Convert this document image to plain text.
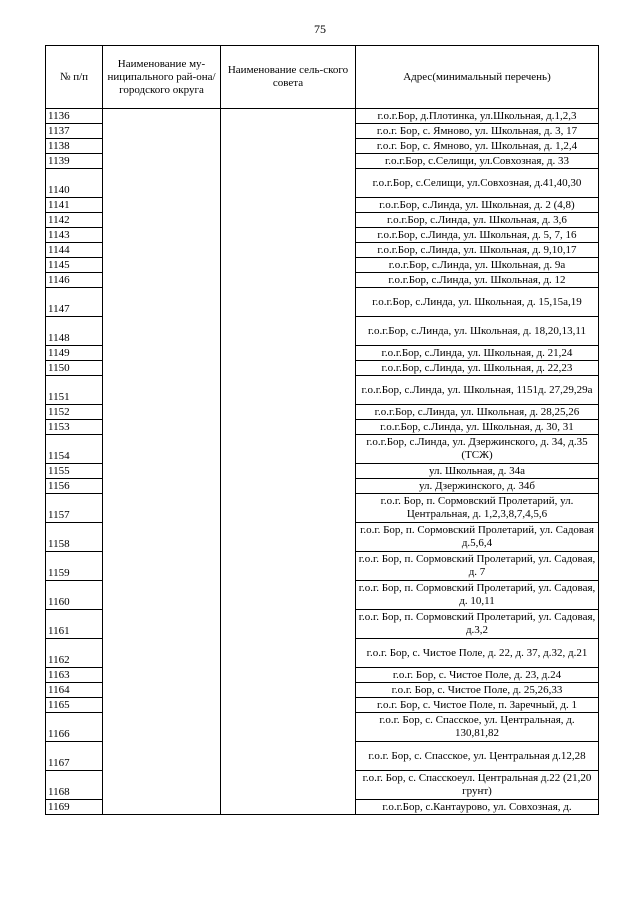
75
№ п/п	Наименование му-ниципального рай-она/ городского округа	Наименование сель-ского совета	Адрес(минимальный перечень)
1136			г.о.г.Бор, д.Плотинка, ул.Школьная, д.1,2,3
1137			г.о.г. Бор, с. Ямново, ул. Школьная, д. 3, 17
1138			г.о.г. Бор, с. Ямново, ул. Школьная, д. 1,2,4
1139			г.о.г.Бор, с.Селищи, ул.Совхозная, д. 33
1140			г.о.г.Бор, с.Селищи, ул.Совхозная, д.41,40,30
1141			г.о.г.Бор, с.Линда, ул. Школьная, д. 2 (4,8)
1142			г.о.г.Бор, с.Линда, ул. Школьная, д. 3,6
1143			г.о.г.Бор, с.Линда, ул. Школьная, д. 5, 7, 16
1144			г.о.г.Бор, с.Линда, ул. Школьная, д. 9,10,17
1145			г.о.г.Бор, с.Линда, ул. Школьная, д. 9а
1146			г.о.г.Бор, с.Линда, ул. Школьная, д. 12
1147			г.о.г.Бор, с.Линда, ул. Школьная, д. 15,15а,19
1148			г.о.г.Бор, с.Линда, ул. Школьная, д. 18,20,13,11
1149			г.о.г.Бор, с.Линда, ул. Школьная, д. 21,24
1150			г.о.г.Бор, с.Линда, ул. Школьная, д. 22,23
1151			г.о.г.Бор, с.Линда, ул. Школьная, 1151д. 27,29,29а
1152			г.о.г.Бор, с.Линда, ул. Школьная, д. 28,25,26
1153			г.о.г.Бор, с.Линда, ул. Школьная, д. 30, 31
1154			г.о.г.Бор, с.Линда, ул. Дзержинского, д. 34, д.35 (ТСЖ)
1155			ул. Школьная, д. 34а
1156			ул. Дзержинского, д. 34б
1157			г.о.г. Бор, п. Сормовский Пролетарий, ул. Центральная, д. 1,2,3,8,7,4,5,6
1158			г.о.г. Бор, п. Сормовский Пролетарий, ул. Садовая д.5,6,4
1159			г.о.г. Бор, п. Сормовский Пролетарий, ул. Садовая, д. 7
1160			г.о.г. Бор, п. Сормовский Пролетарий, ул. Садовая, д. 10,11
1161			г.о.г. Бор, п. Сормовский Пролетарий, ул. Садовая, д.3,2
1162			г.о.г. Бор, с. Чистое Поле, д. 22, д. 37, д.32, д.21
1163			г.о.г. Бор, с. Чистое Поле, д. 23, д.24
1164			г.о.г. Бор, с. Чистое Поле, д. 25,26,33
1165			г.о.г. Бор, с. Чистое Поле, п. Заречный, д. 1
1166			г.о.г. Бор, с. Спасское, ул. Центральная, д. 130,81,82
1167			г.о.г. Бор, с. Спасское, ул. Центральная д.12,28
1168			г.о.г. Бор, с. Спасскоеул. Центральная д.22 (21,20 грунт)
1169			г.о.г.Бор, с.Кантаурово, ул. Совхозная, д.
